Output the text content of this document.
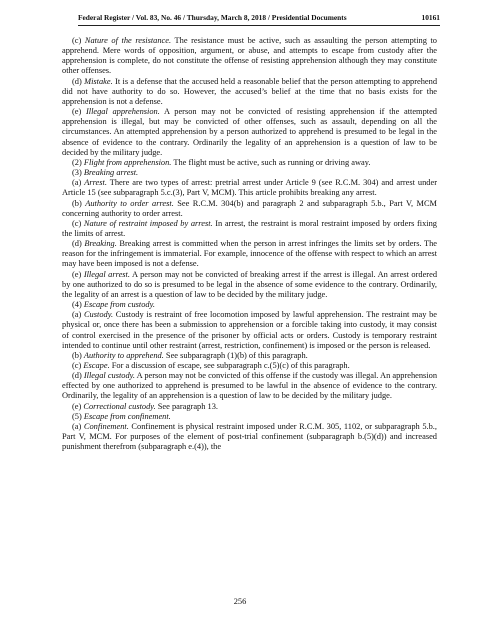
Federal Register / Vol. 83, No. 46 / Thursday, March 8, 2018 / Presidential Documents	10161

(c) Nature of the resistance. The resistance must be active, such as assaulting the person attempting to apprehend. Mere words of opposition, argument, or abuse, and attempts to escape from custody after the apprehension is complete, do not constitute the offense of resisting apprehension although they may constitute other offenses.

(d) Mistake. It is a defense that the accused held a reasonable belief that the person attempting to apprehend did not have authority to do so. However, the accused’s belief at the time that no basis exists for the apprehension is not a defense.

(e) Illegal apprehension. A person may not be convicted of resisting apprehension if the attempted apprehension is illegal, but may be convicted of other offenses, such as assault, depending on all the circumstances. An attempted apprehension by a person authorized to apprehend is presumed to be legal in the absence of evidence to the contrary. Ordinarily the legality of an apprehension is a question of law to be decided by the military judge.

(2) Flight from apprehension. The flight must be active, such as running or driving away.

(3) Breaking arrest.

(a) Arrest. There are two types of arrest: pretrial arrest under Article 9 (see R.C.M. 304) and arrest under Article 15 (see subparagraph 5.c.(3), Part V, MCM). This article prohibits breaking any arrest.

(b) Authority to order arrest. See R.C.M. 304(b) and paragraph 2 and subparagraph 5.b., Part V, MCM concerning authority to order arrest.

(c) Nature of restraint imposed by arrest. In arrest, the restraint is moral restraint imposed by orders fixing the limits of arrest.

(d) Breaking. Breaking arrest is committed when the person in arrest infringes the limits set by orders. The reason for the infringement is immaterial. For example, innocence of the offense with respect to which an arrest may have been imposed is not a defense.

(e) Illegal arrest. A person may not be convicted of breaking arrest if the arrest is illegal. An arrest ordered by one authorized to do so is presumed to be legal in the absence of some evidence to the contrary. Ordinarily, the legality of an arrest is a question of law to be decided by the military judge.

(4) Escape from custody.

(a) Custody. Custody is restraint of free locomotion imposed by lawful apprehension. The restraint may be physical or, once there has been a submission to apprehension or a forcible taking into custody, it may consist of control exercised in the presence of the prisoner by official acts or orders. Custody is temporary restraint intended to continue until other restraint (arrest, restriction, confinement) is imposed or the person is released.

(b) Authority to apprehend. See subparagraph (1)(b) of this paragraph.

(c) Escape. For a discussion of escape, see subparagraph c.(5)(c) of this paragraph.

(d) Illegal custody. A person may not be convicted of this offense if the custody was illegal. An apprehension effected by one authorized to apprehend is presumed to be lawful in the absence of evidence to the contrary. Ordinarily, the legality of an apprehension is a question of law to be decided by the military judge.

(e) Correctional custody. See paragraph 13.

(5) Escape from confinement.

(a) Confinement. Confinement is physical restraint imposed under R.C.M. 305, 1102, or subparagraph 5.b., Part V, MCM. For purposes of the element of post-trial confinement (subparagraph b.(5)(d)) and increased punishment therefrom (subparagraph e.(4)), the

256
